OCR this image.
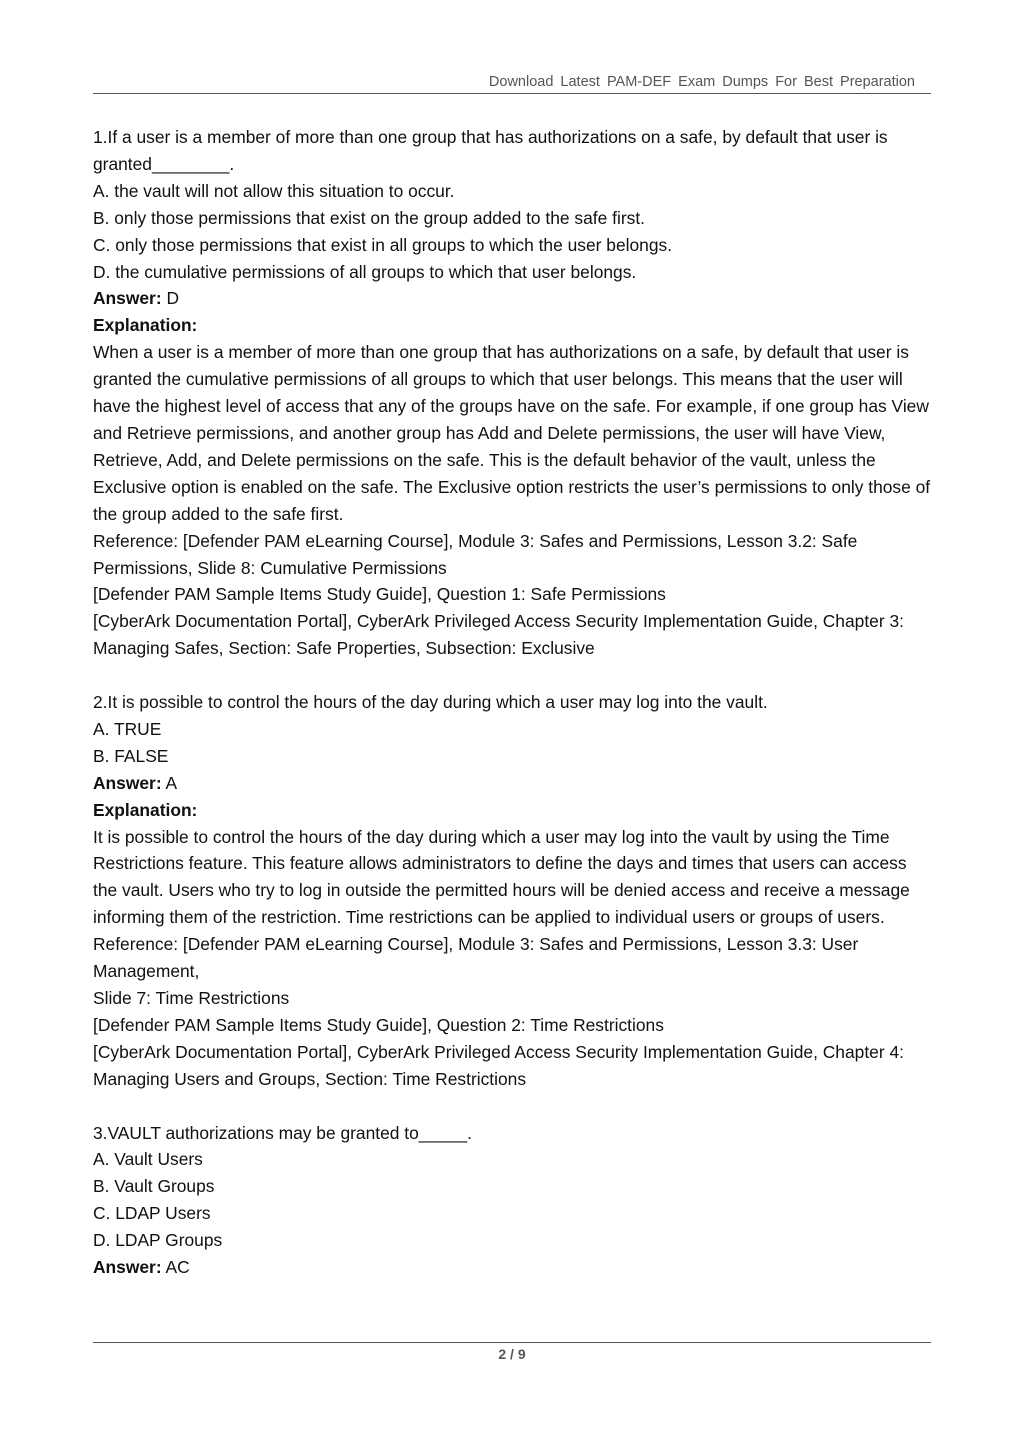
Download Latest PAM-DEF Exam Dumps For Best Preparation

1.If a user is a member of more than one group that has authorizations on a safe, by default that user is granted________.

A. the vault will not allow this situation to occur.

B. only those permissions that exist on the group added to the safe first.

C. only those permissions that exist in all groups to which the user belongs.

D. the cumulative permissions of all groups to which that user belongs.

Answer: D

Explanation:

When a user is a member of more than one group that has authorizations on a safe, by default that user is granted the cumulative permissions of all groups to which that user belongs. This means that the user will have the highest level of access that any of the groups have on the safe. For example, if one group has View and Retrieve permissions, and another group has Add and Delete permissions, the user will have View, Retrieve, Add, and Delete permissions on the safe. This is the default behavior of the vault, unless the Exclusive option is enabled on the safe. The Exclusive option restricts the user’s permissions to only those of the group added to the safe first.

Reference: [Defender PAM eLearning Course], Module 3: Safes and Permissions, Lesson 3.2: Safe Permissions, Slide 8: Cumulative Permissions

[Defender PAM Sample Items Study Guide], Question 1: Safe Permissions

[CyberArk Documentation Portal], CyberArk Privileged Access Security Implementation Guide, Chapter 3: Managing Safes, Section: Safe Properties, Subsection: Exclusive

2.It is possible to control the hours of the day during which a user may log into the vault.

A. TRUE

B. FALSE

Answer: A

Explanation:

It is possible to control the hours of the day during which a user may log into the vault by using the Time Restrictions feature. This feature allows administrators to define the days and times that users can access the vault. Users who try to log in outside the permitted hours will be denied access and receive a message informing them of the restriction. Time restrictions can be applied to individual users or groups of users.

Reference: [Defender PAM eLearning Course], Module 3: Safes and Permissions, Lesson 3.3: User Management,

Slide 7: Time Restrictions

[Defender PAM Sample Items Study Guide], Question 2: Time Restrictions

[CyberArk Documentation Portal], CyberArk Privileged Access Security Implementation Guide, Chapter 4: Managing Users and Groups, Section: Time Restrictions

3.VAULT authorizations may be granted to_____.

A. Vault Users

B. Vault Groups

C. LDAP Users

D. LDAP Groups

Answer: AC

2 / 9
